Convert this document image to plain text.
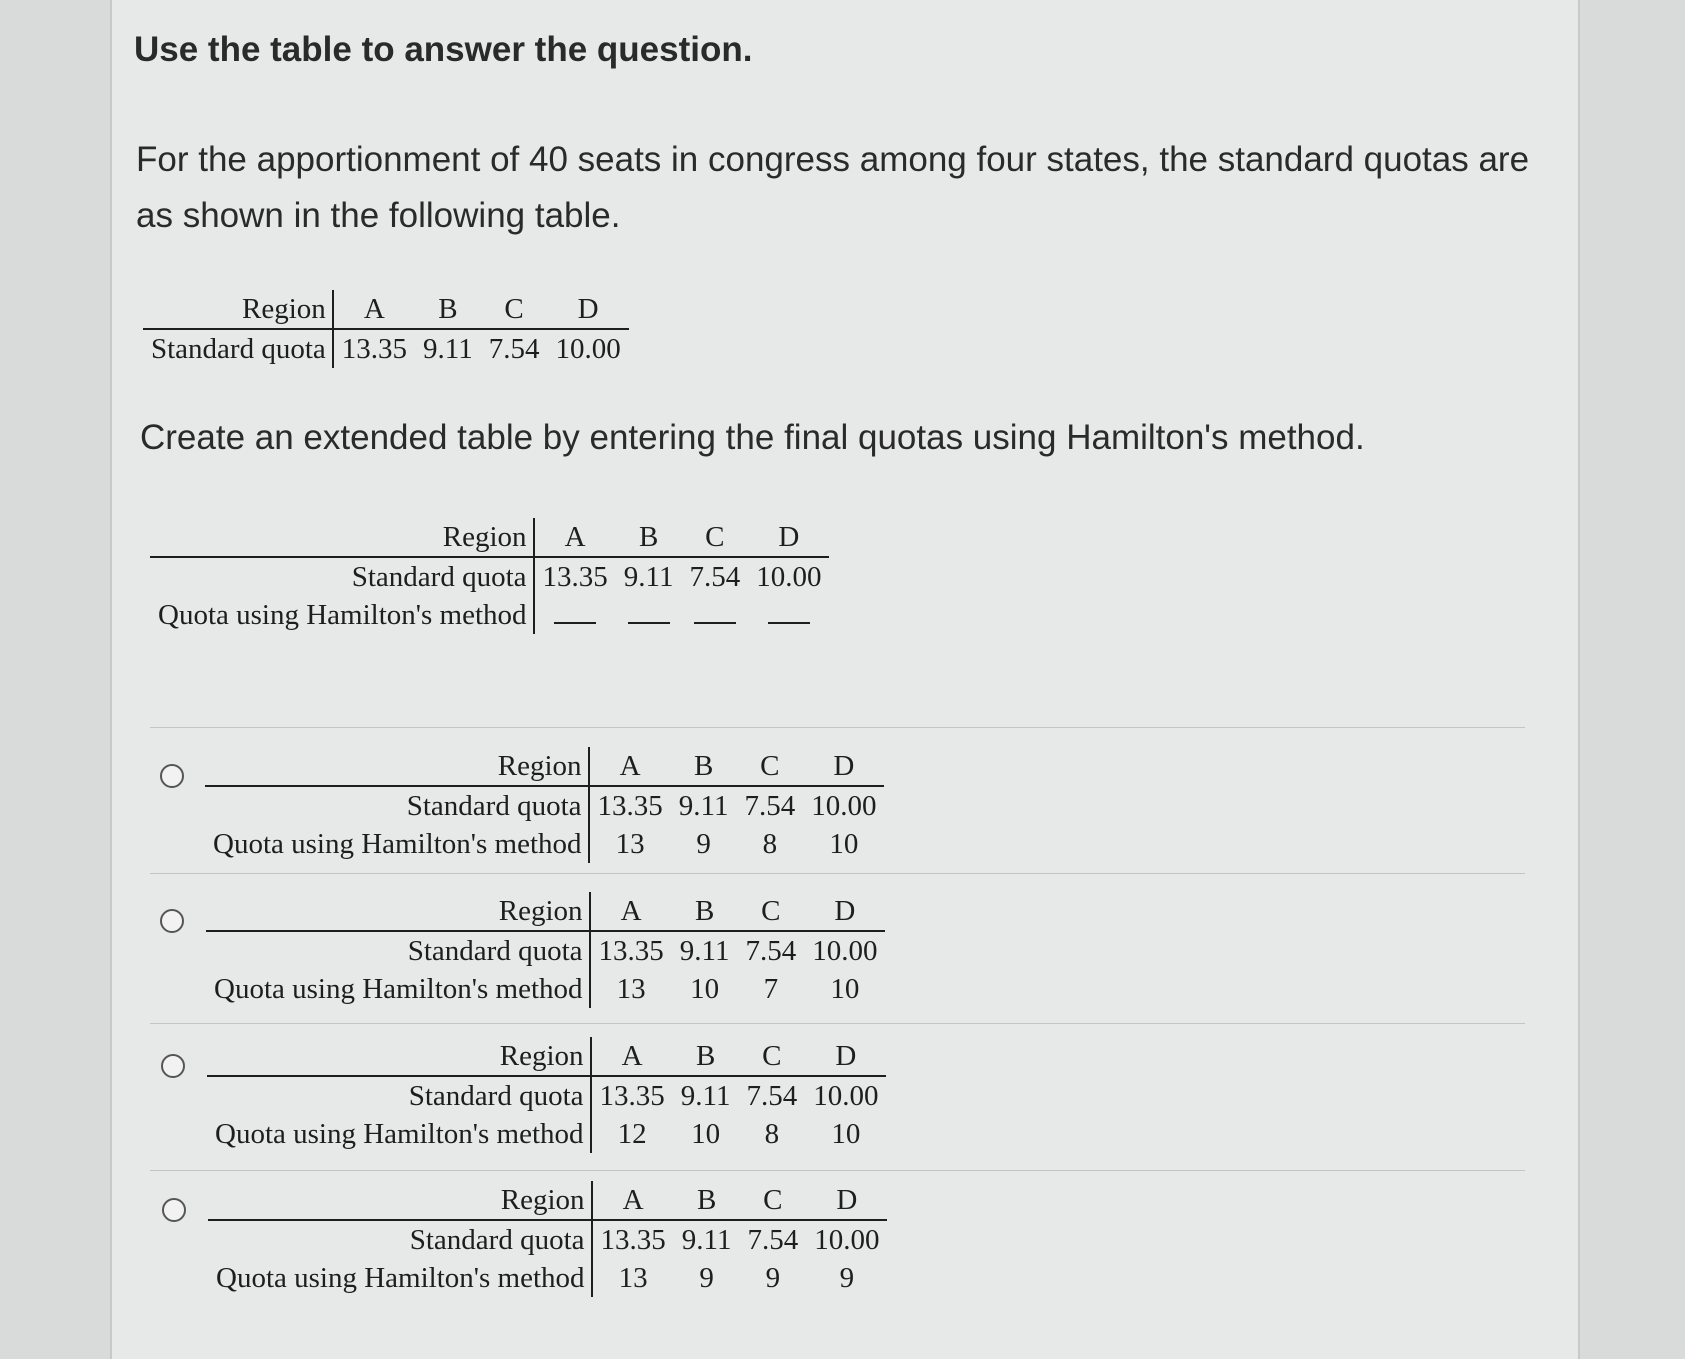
Use the table to answer the question.
For the apportionment of 40 seats in congress among four states, the standard quotas are as shown in the following table.
Region	A	B	C	D
Standard quota	13.35	9.11	7.54	10.00
Create an extended table by entering the final quotas using Hamilton's method.
Region	A	B	C	D
Standard quota	13.35	9.11	7.54	10.00
Quota using Hamilton's method				
Region	A	B	C	D
Standard quota	13.35	9.11	7.54	10.00
Quota using Hamilton's method	13	9	8	10
Region	A	B	C	D
Standard quota	13.35	9.11	7.54	10.00
Quota using Hamilton's method	13	10	7	10
Region	A	B	C	D
Standard quota	13.35	9.11	7.54	10.00
Quota using Hamilton's method	12	10	8	10
Region	A	B	C	D
Standard quota	13.35	9.11	7.54	10.00
Quota using Hamilton's method	13	9	9	9
